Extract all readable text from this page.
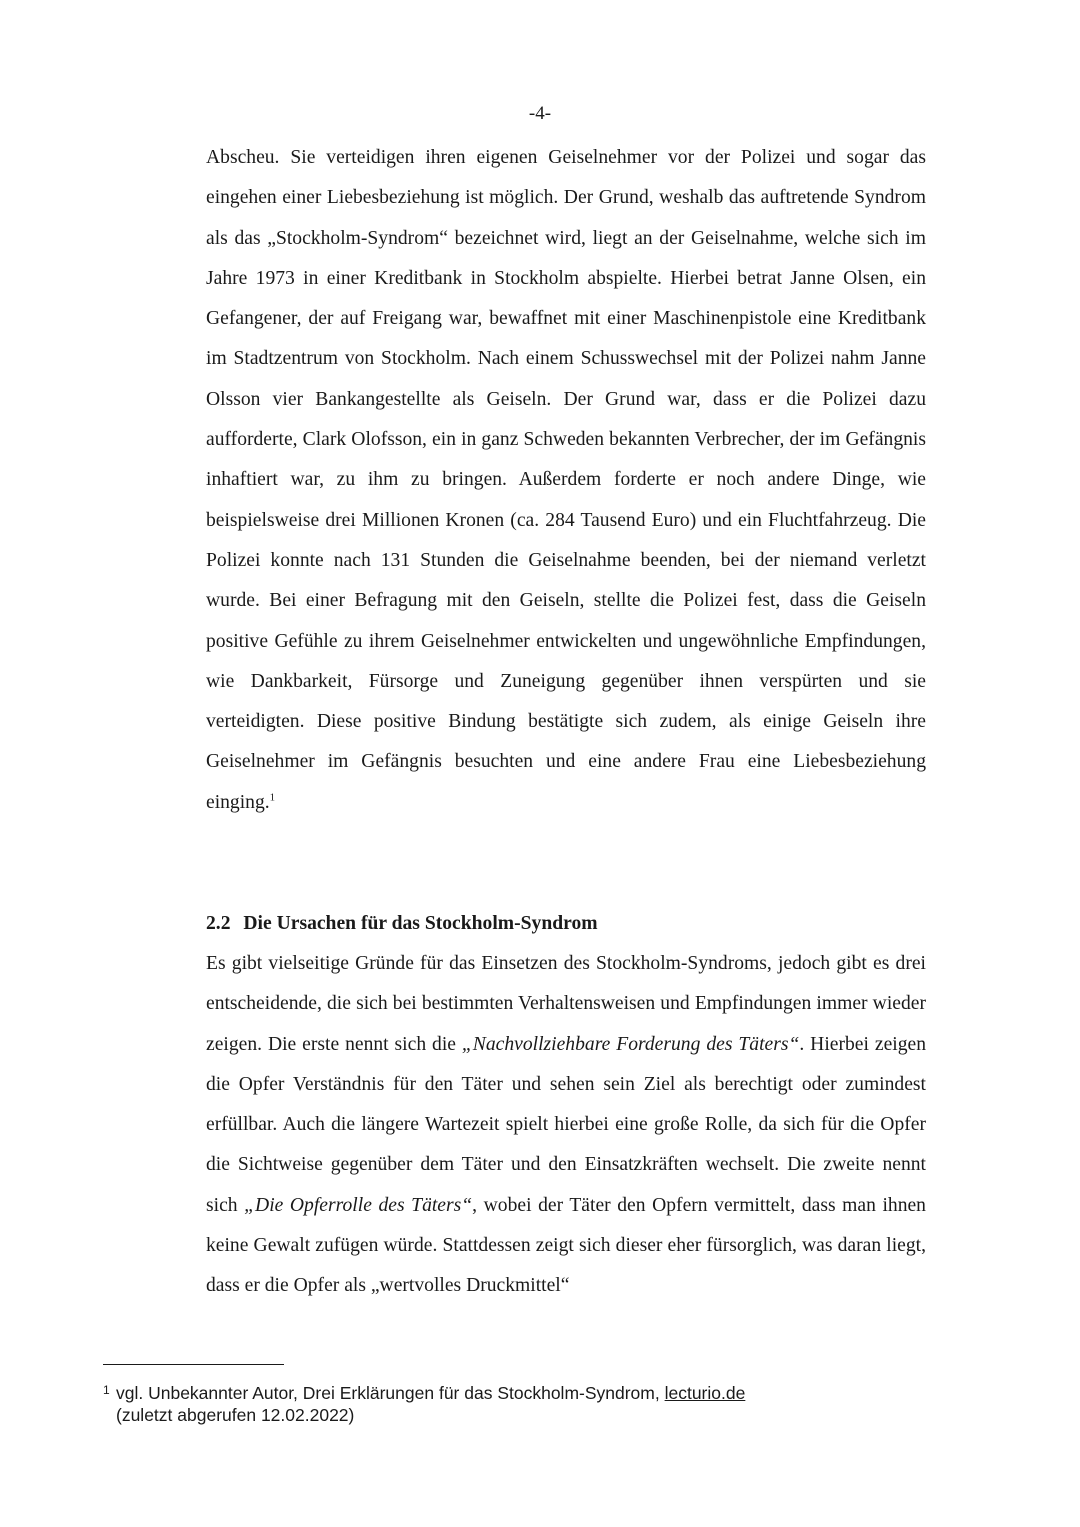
-4-

Abscheu. Sie verteidigen ihren eigenen Geiselnehmer vor der Polizei und sogar das eingehen einer Liebesbeziehung ist möglich. Der Grund, weshalb das auftretende Syndrom als das „Stockholm-Syndrom“ bezeichnet wird, liegt an der Geiselnahme, welche sich im Jahre 1973 in einer Kreditbank in Stockholm abspielte. Hierbei betrat Janne Olsen, ein Gefangener, der auf Freigang war, bewaffnet mit einer Maschinenpistole eine Kreditbank im Stadtzentrum von Stockholm. Nach einem Schusswechsel mit der Polizei nahm Janne Olsson vier Bankangestellte als Geiseln. Der Grund war, dass er die Polizei dazu aufforderte, Clark Olofsson, ein in ganz Schweden bekannten Verbrecher, der im Gefängnis inhaftiert war, zu ihm zu bringen. Außerdem forderte er noch andere Dinge, wie beispielsweise drei Millionen Kronen (ca. 284 Tausend Euro) und ein Fluchtfahrzeug. Die Polizei konnte nach 131 Stunden die Geiselnahme beenden, bei der niemand verletzt wurde. Bei einer Befragung mit den Geiseln, stellte die Polizei fest, dass die Geiseln positive Gefühle zu ihrem Geiselnehmer entwickelten und ungewöhnliche Empfindungen, wie Dankbarkeit, Fürsorge und Zuneigung gegenüber ihnen verspürten und sie verteidigten. Diese positive Bindung bestätigte sich zudem, als einige Geiseln ihre Geiselnehmer im Gefängnis besuchten und eine andere Frau eine Liebesbeziehung einging.$^1$

2.2 Die Ursachen für das Stockholm-Syndrom

Es gibt vielseitige Gründe für das Einsetzen des Stockholm-Syndroms, jedoch gibt es drei entscheidende, die sich bei bestimmten Verhaltensweisen und Empfindungen immer wieder zeigen. Die erste nennt sich die „Nachvollziehbare Forderung des Täters“. Hierbei zeigen die Opfer Verständnis für den Täter und sehen sein Ziel als berechtigt oder zumindest erfüllbar. Auch die längere Wartezeit spielt hierbei eine große Rolle, da sich für die Opfer die Sichtweise gegenüber dem Täter und den Einsatzkräften wechselt. Die zweite nennt sich „Die Opferrolle des Täters“, wobei der Täter den Opfern vermittelt, dass man ihnen keine Gewalt zufügen würde. Stattdessen zeigt sich dieser eher fürsorglich, was daran liegt, dass er die Opfer als „wertvolles Druckmittel“

1 vgl. Unbekannter Autor, Drei Erklärungen für das Stockholm-Syndrom, lecturio.de
(zuletzt abgerufen 12.02.2022)
